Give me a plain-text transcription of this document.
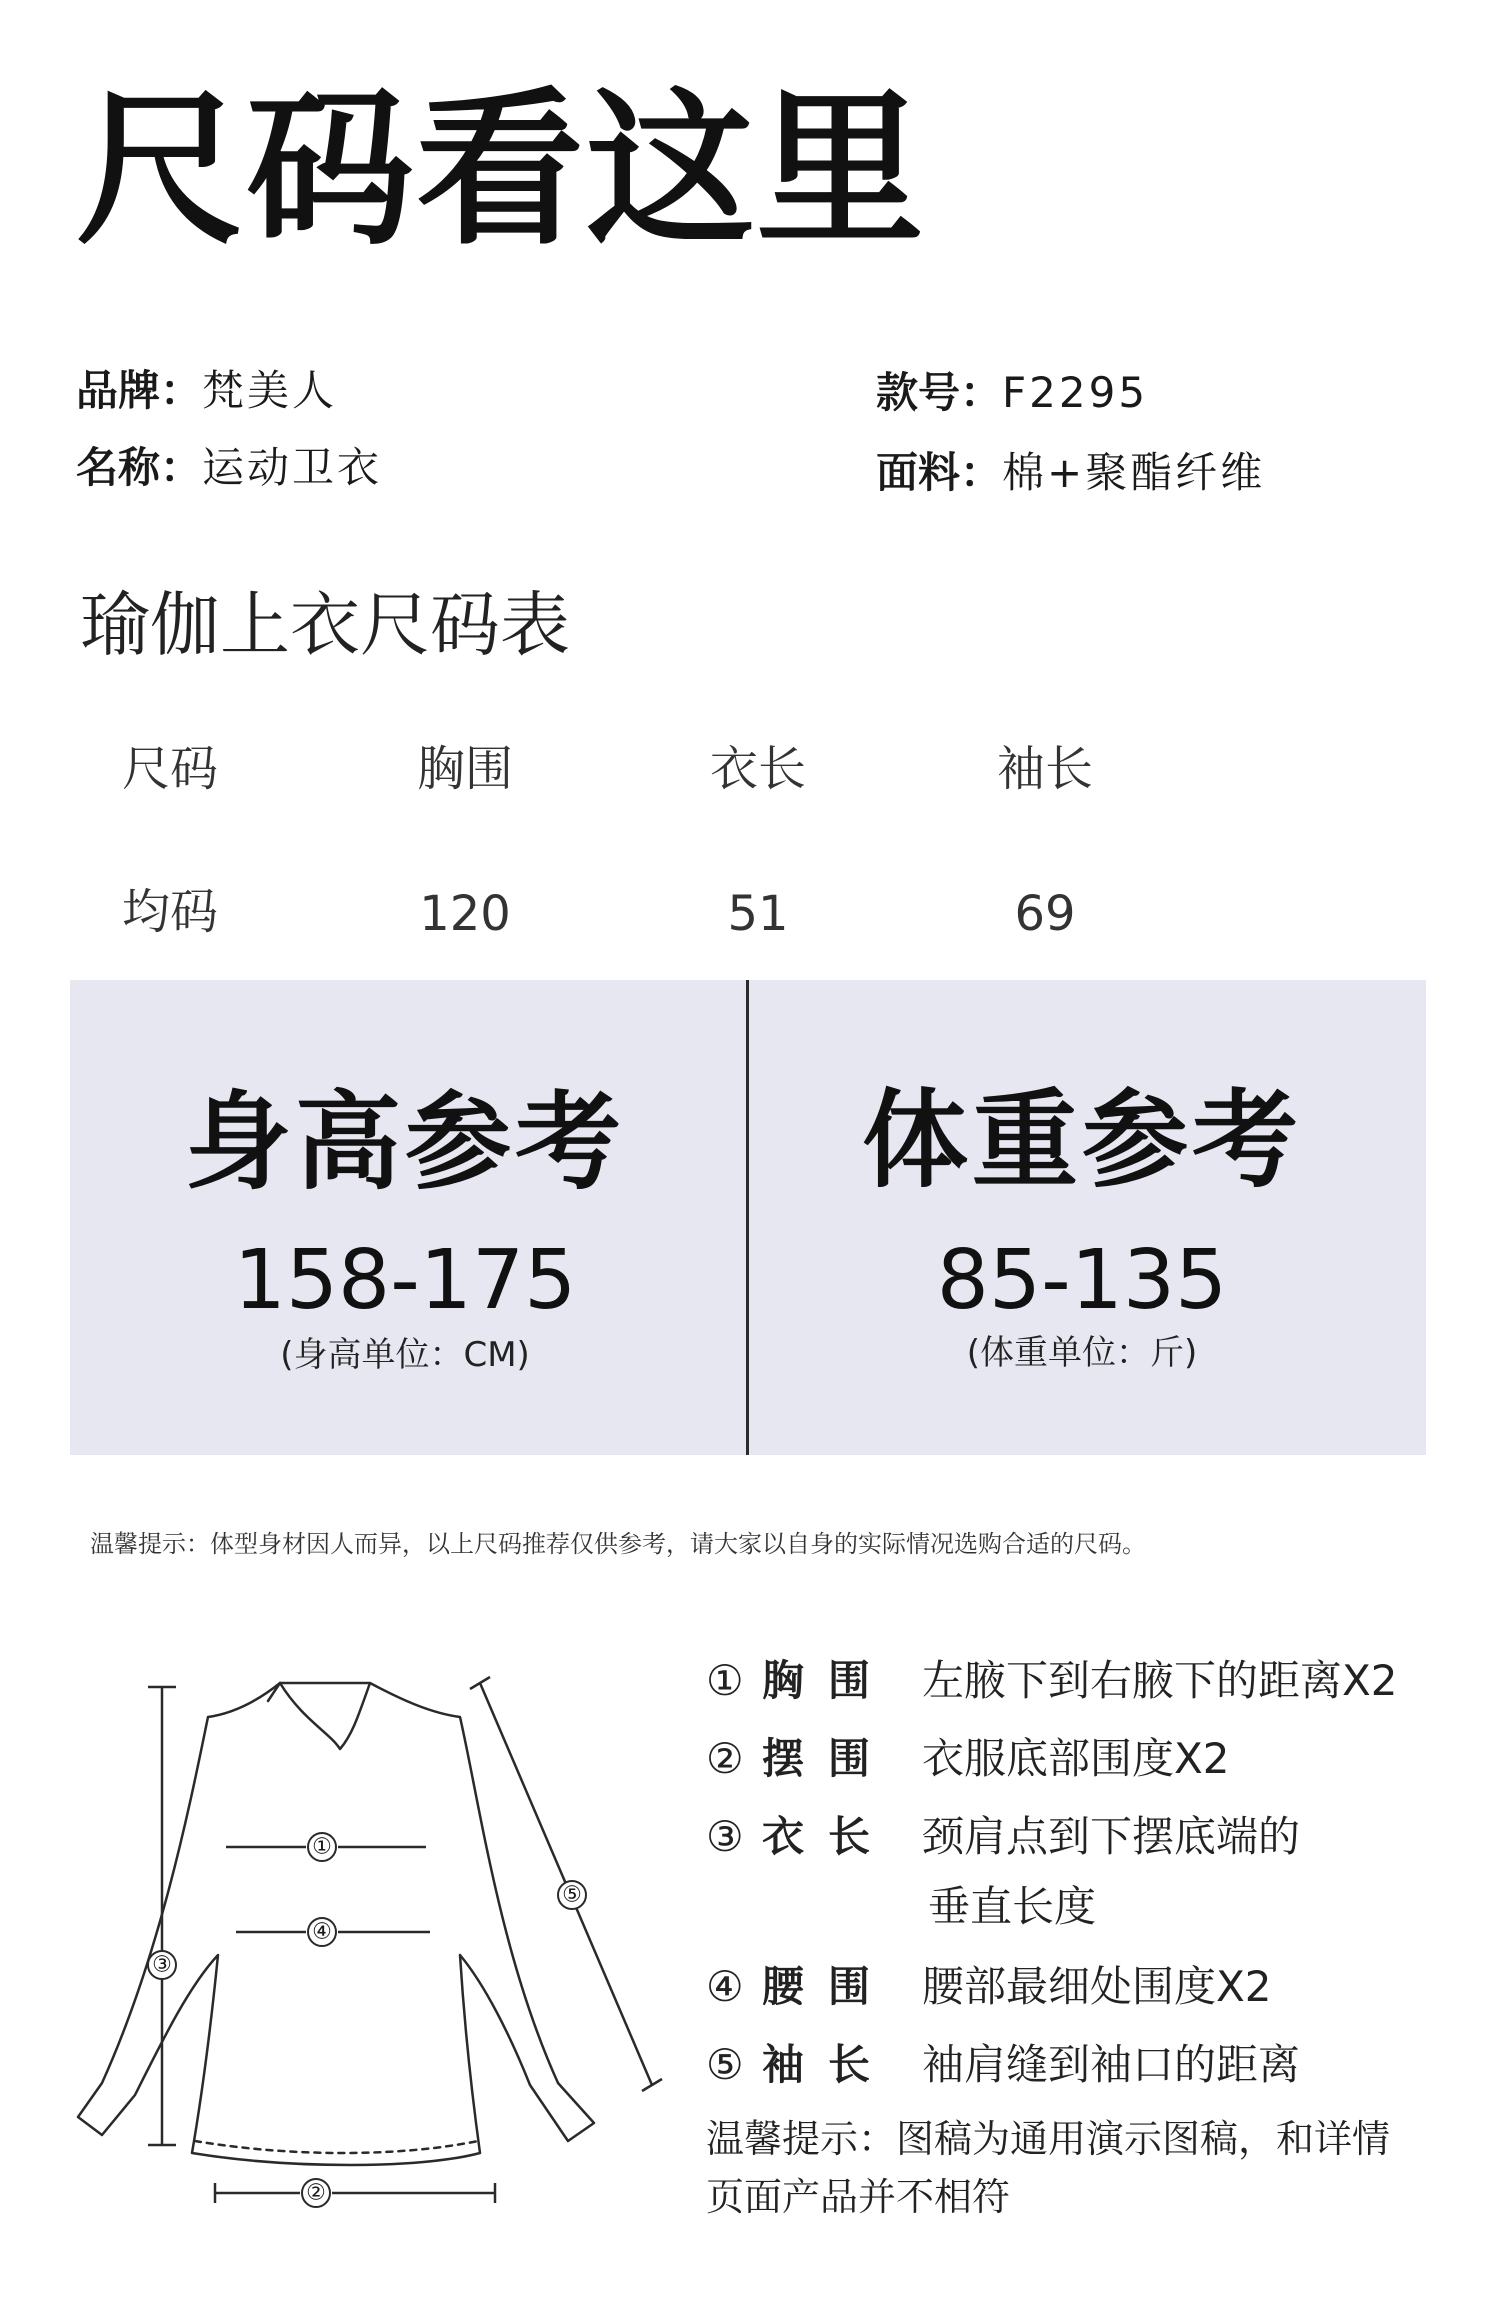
尺码看这里
品牌：梵美人	款号：F2295
名称：运动卫衣	面料：棉+聚酯纤维
瑜伽上衣尺码表
尺码	胸围	衣长	袖长
均码	120	51	69
身高参考
158-175
(身高单位：CM)
体重参考
85-135
(体重单位：斤)
温馨提示：体型身材因人而异，以上尺码推荐仅供参考，请大家以自身的实际情况选购合适的尺码。
①
④
③
②
⑤
① 胸围 左腋下到右腋下的距离X2
② 摆围 衣服底部围度X2
③ 衣长 颈肩点到下摆底端的
垂直长度
④ 腰围 腰部最细处围度X2
⑤ 袖长 袖肩缝到袖口的距离
温馨提示：图稿为通用演示图稿，和详情
页面产品并不相符
